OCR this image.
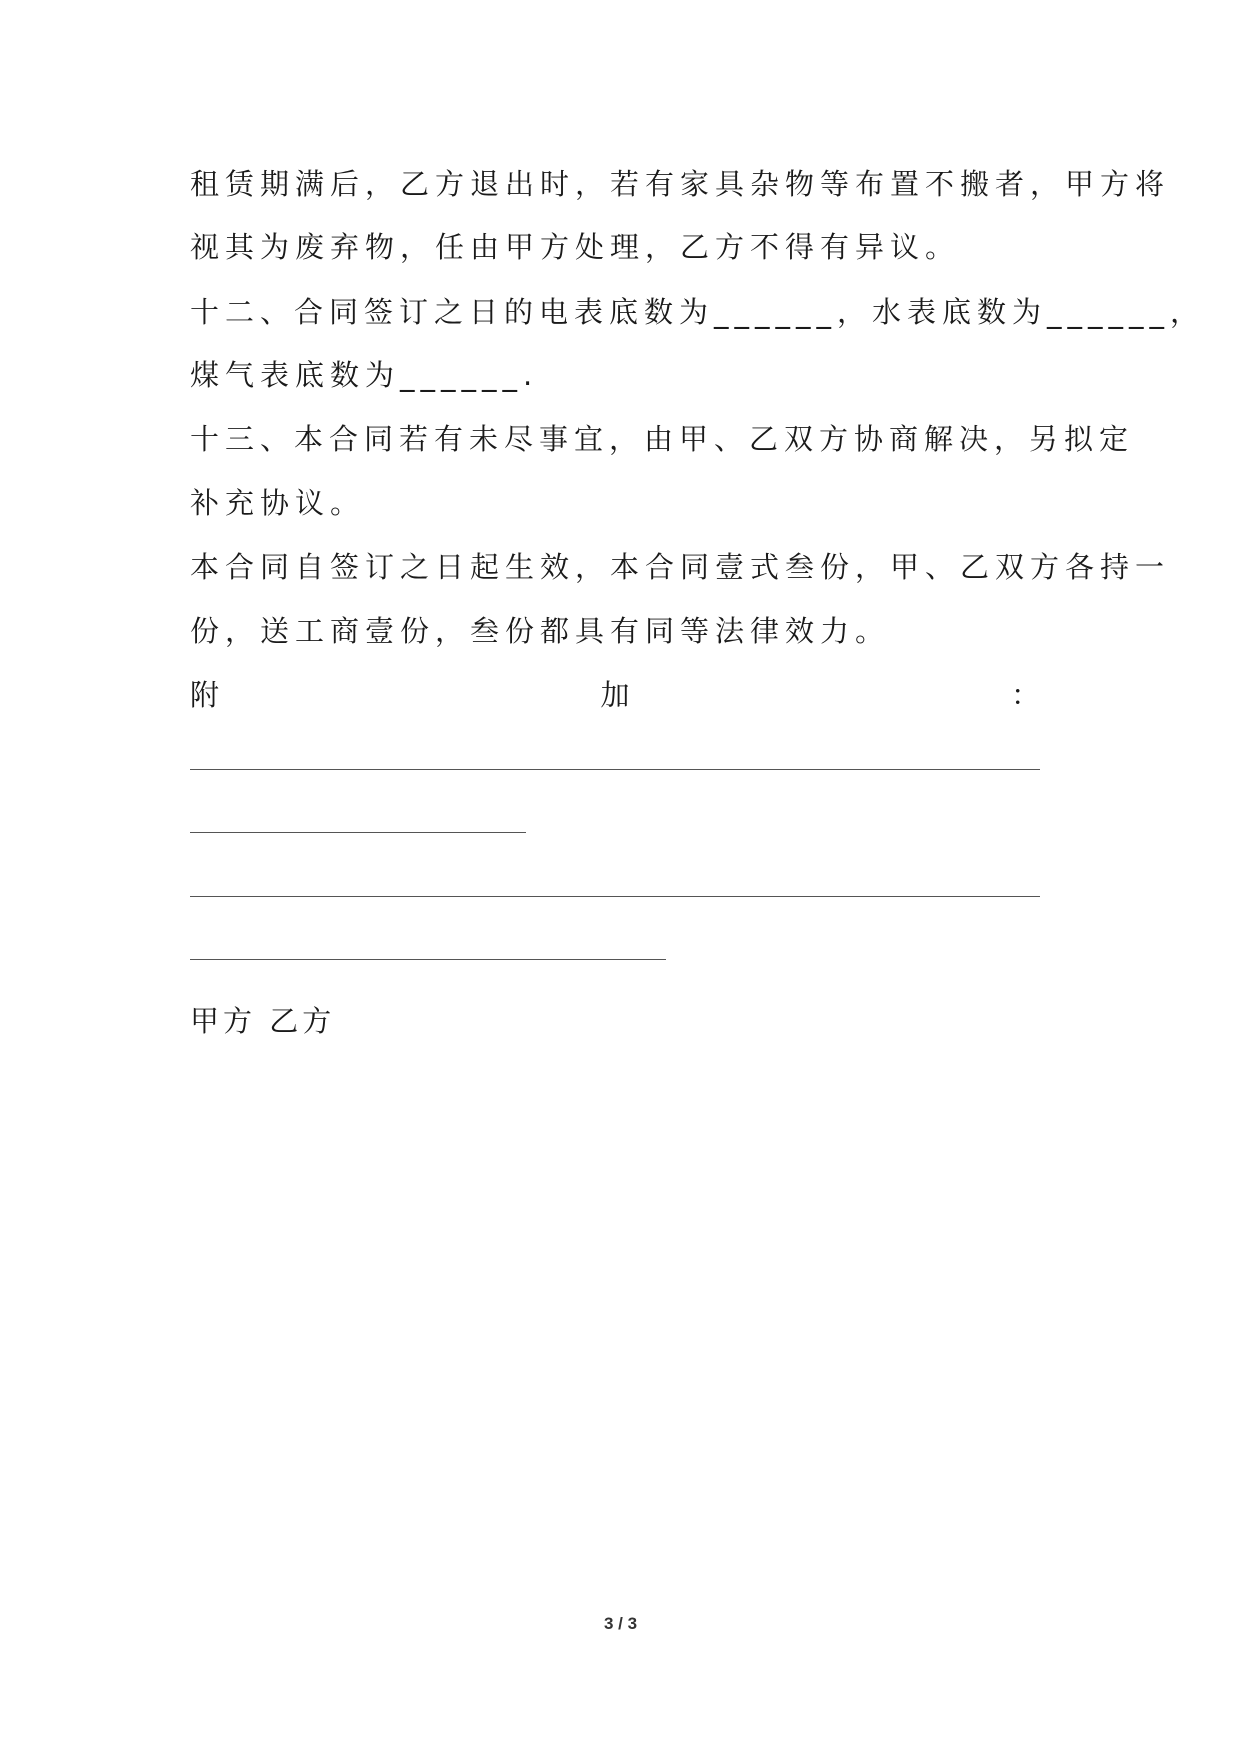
租赁期满后，乙方退出时，若有家具杂物等布置不搬者，甲方将
视其为废弃物，任由甲方处理，乙方不得有异议。
十二、合同签订之日的电表底数为______，水表底数为______，
煤气表底数为______.
十三、本合同若有未尽事宜，由甲、乙双方协商解决，另拟定
补充协议。
本合同自签订之日起生效，本合同壹式叁份，甲、乙双方各持一
份，送工商壹份，叁份都具有同等法律效力。
附	加	：
甲方 乙方
3 / 3
